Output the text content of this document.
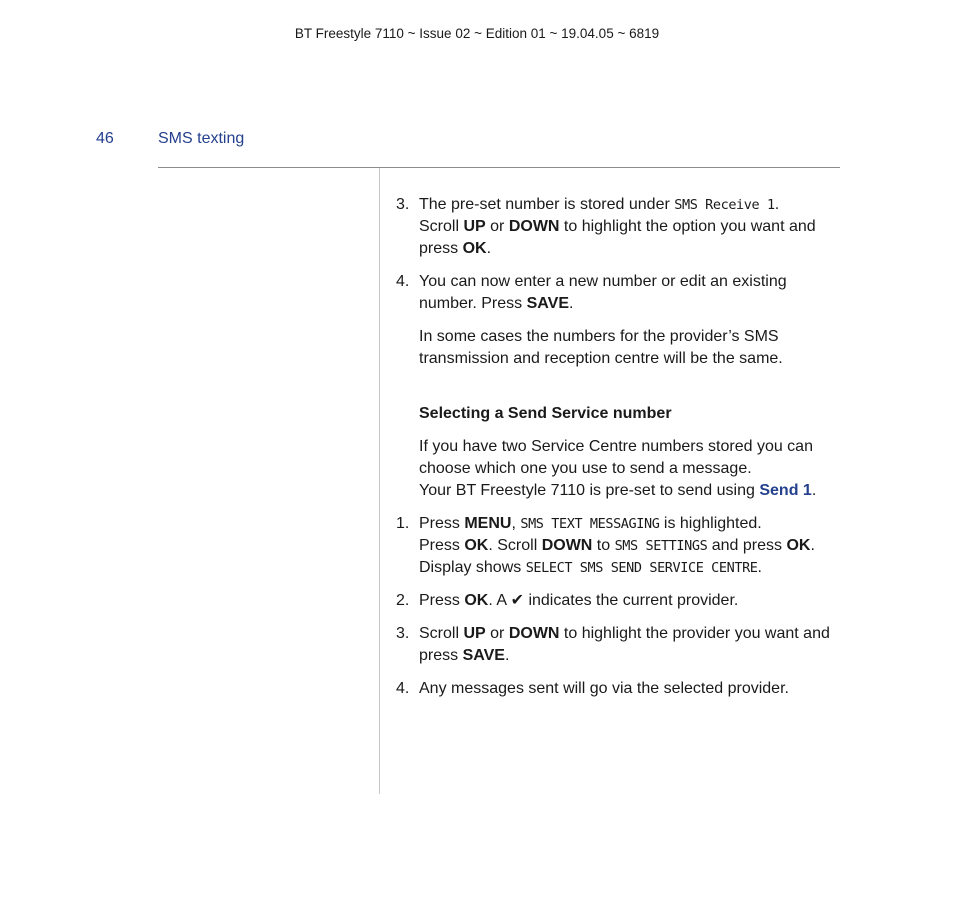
BT Freestyle 7110 ~ Issue 02 ~ Edition 01 ~ 19.04.05 ~ 6819
46	SMS texting
3. The pre-set number is stored under SMS Receive 1.
Scroll UP or DOWN to highlight the option you want and press OK.
4. You can now enter a new number or edit an existing number. Press SAVE.
In some cases the numbers for the provider’s SMS transmission and reception centre will be the same.
Selecting a Send Service number
If you have two Service Centre numbers stored you can choose which one you use to send a message.
Your BT Freestyle 7110 is pre-set to send using Send 1.
1. Press MENU, SMS TEXT MESSAGING is highlighted.
Press OK. Scroll DOWN to SMS SETTINGS and press OK.
Display shows SELECT SMS SEND SERVICE CENTRE.
2. Press OK. A ✔ indicates the current provider.
3. Scroll UP or DOWN to highlight the provider you want and press SAVE.
4. Any messages sent will go via the selected provider.
